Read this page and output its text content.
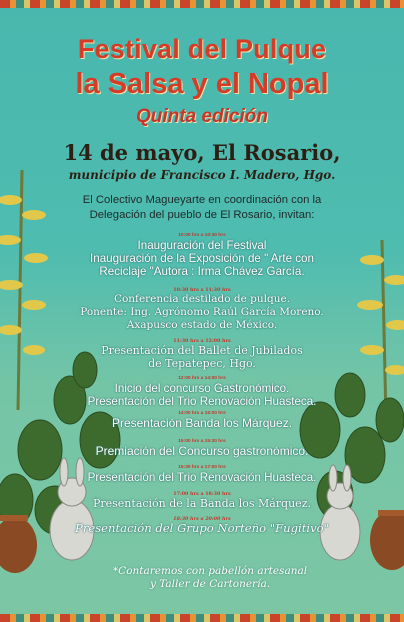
Festival del Pulque
la Salsa y el Nopal
Quinta edición
14 de mayo, El Rosario,
municipio de Francisco I. Madero, Hgo.
El Colectivo Magueyarte en coordinación con la
Delegación del pueblo de El Rosario, invitan:
10:00 hrs a 10:30 hrs
Inauguración del Festival
Inauguración de la Exposición de " Arte con
Reciclaje "Autora : Irma Chávez García.
10:30 hrs a 11:30 hrs
Conferencia destilado de pulque.
Ponente: Ing. Agrónomo Raúl García Moreno.
Axapusco estado de México.
11:30 hrs a 12:00 hrs
Presentación del Ballet de Jubilados
de Tepatepec, Hgo.
12:00 hrs a 14:00 hrs
Inicio del concurso Gastronómico.
Presentación del Trio Renovación Huasteca.
14:00 hrs a 15:00 hrs
Presentación Banda los Márquez.
15:00 hrs a 15:30 hrs
Premiación del Concurso gastronómico.
15:30 hrs a 17:00 hrs
Presentación del Trio Renovación Huasteca.
17:00 hrs a 18:30 hrs
Presentación de la Banda los Márquez.
18:30 hrs a 20:00 hrs
Presentación del Grupo Norteño "Fugitivo"
*Contaremos con pabellón artesanal
y Taller de Cartonería.
